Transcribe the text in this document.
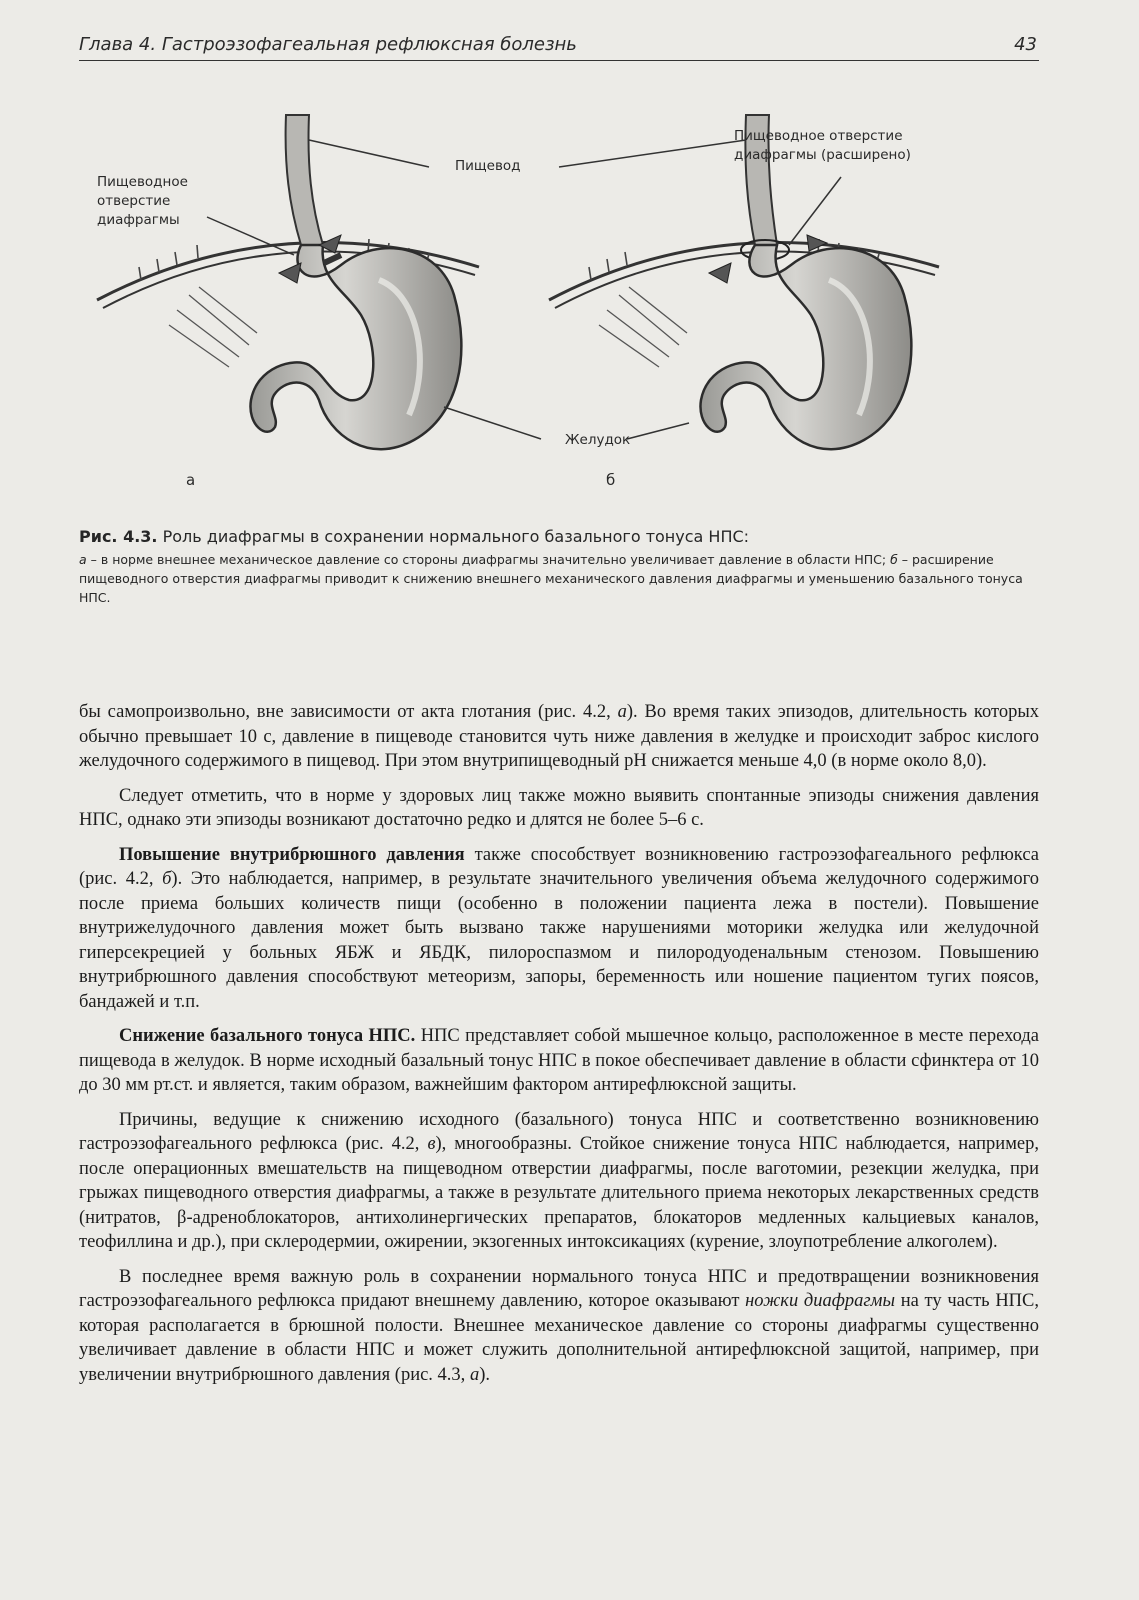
Глава 4. Гастроэзофагеальная рефлюксная болезнь	43
Пищевод
Пищеводное
отверстие
диафрагмы
Пищеводное отверстие
диафрагмы (расширено)
Желудок
а	б
Рис. 4.3. Роль диафрагмы в сохранении нормального базального тонуса НПС:
а – в норме внешнее механическое давление со стороны диафрагмы значительно увеличивает давление в области НПС; б – расширение пищеводного отверстия диафрагмы приводит к снижению внешнего механического давления диафрагмы и уменьшению базального тонуса НПС.

бы самопроизвольно, вне зависимости от акта глотания (рис. 4.2, а). Во время таких эпизодов, длительность которых обычно превышает 10 с, давление в пищеводе становится чуть ниже давления в желудке и происходит заброс кислого желудочного содержимого в пищевод. При этом внутрипищеводный pH снижается меньше 4,0 (в норме около 8,0).

Следует отметить, что в норме у здоровых лиц также можно выявить спонтанные эпизоды снижения давления НПС, однако эти эпизоды возникают достаточно редко и длятся не более 5–6 с.

Повышение внутрибрюшного давления также способствует возникновению гастроэзофагеального рефлюкса (рис. 4.2, б). Это наблюдается, например, в результате значительного увеличения объема желудочного содержимого после приема больших количеств пищи (особенно в положении пациента лежа в постели). Повышение внутрижелудочного давления может быть вызвано также нарушениями моторики желудка или желудочной гиперсекрецией у больных ЯБЖ и ЯБДК, пилороспазмом и пилородуоденальным стенозом. Повышению внутрибрюшного давления способствуют метеоризм, запоры, беременность или ношение пациентом тугих поясов, бандажей и т.п.

Снижение базального тонуса НПС. НПС представляет собой мышечное кольцо, расположенное в месте перехода пищевода в желудок. В норме исходный базальный тонус НПС в покое обеспечивает давление в области сфинктера от 10 до 30 мм рт.ст. и является, таким образом, важнейшим фактором антирефлюксной защиты.

Причины, ведущие к снижению исходного (базального) тонуса НПС и соответственно возникновению гастроэзофагеального рефлюкса (рис. 4.2, в), многообразны. Стойкое снижение тонуса НПС наблюдается, например, после операционных вмешательств на пищеводном отверстии диафрагмы, после ваготомии, резекции желудка, при грыжах пищеводного отверстия диафрагмы, а также в результате длительного приема некоторых лекарственных средств (нитратов, β-адреноблокаторов, антихолинергических препаратов, блокаторов медленных кальциевых каналов, теофиллина и др.), при склеродермии, ожирении, экзогенных интоксикациях (курение, злоупотребление алкоголем).

В последнее время важную роль в сохранении нормального тонуса НПС и предотвращении возникновения гастроэзофагеального рефлюкса придают внешнему давлению, которое оказывают ножки диафрагмы на ту часть НПС, которая располагается в брюшной полости. Внешнее механическое давление со стороны диафрагмы существенно увеличивает давление в области НПС и может служить дополнительной антирефлюксной защитой, например, при увеличении внутрибрюшного давления (рис. 4.3, а).
